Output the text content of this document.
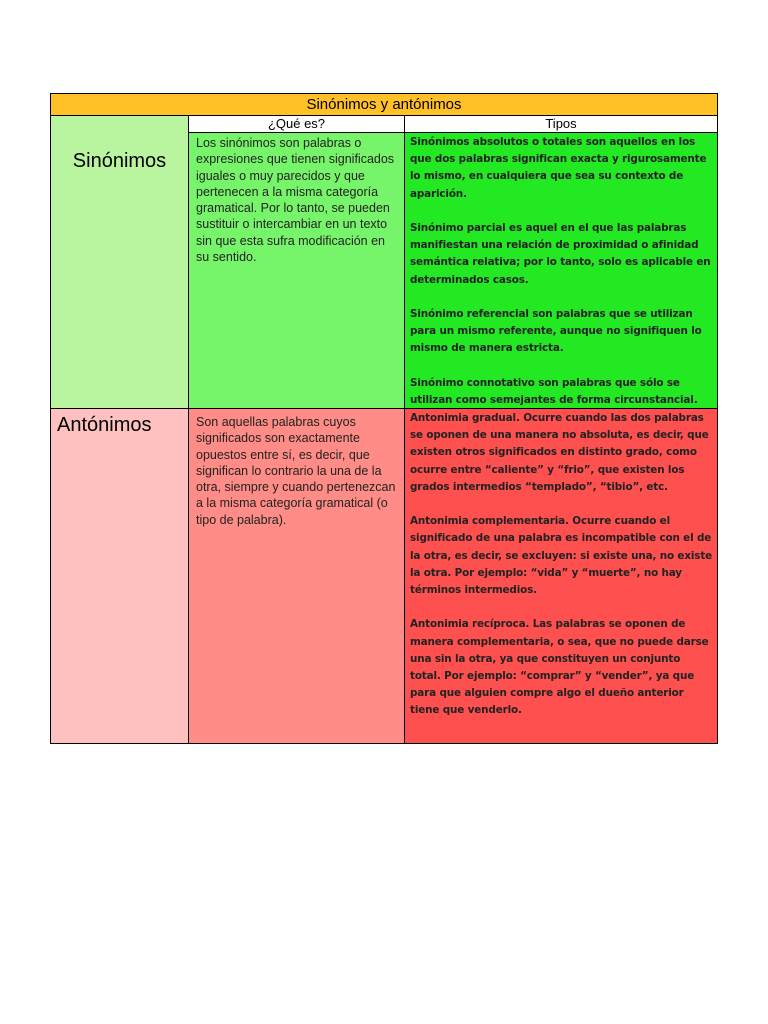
Sinónimos y antónimos
¿Qué es?	Tipos
Sinónimos
Los sinónimos son palabras o expresiones que tienen significados iguales o muy parecidos y que pertenecen a la misma categoría gramatical. Por lo tanto, se pueden sustituir o intercambiar en un texto sin que esta sufra modificación en su sentido.

Sinónimos absolutos o totales son aquellos en los que dos palabras significan exacta y rigurosamente lo mismo, en cualquiera que sea su contexto de aparición.

Sinónimo parcial es aquel en el que las palabras manifiestan una relación de proximidad o afinidad semántica relativa; por lo tanto, solo es aplicable en determinados casos.

Sinónimo referencial son palabras que se utilizan para un mismo referente, aunque no signifiquen lo mismo de manera estricta.

Sinónimo connotativo son palabras que sólo se utilizan como semejantes de forma circunstancial.

Antónimos	Son aquellas palabras cuyos significados son exactamente opuestos entre sí, es decir, que significan lo contrario la una de la otra, siempre y cuando pertenezcan a la misma categoría gramatical (o tipo de palabra).

Antonimia gradual. Ocurre cuando las dos palabras se oponen de una manera no absoluta, es decir, que existen otros significados en distinto grado, como ocurre entre “caliente” y “frio”, que existen los grados intermedios “templado”, “tibio”, etc.

Antonimia complementaria. Ocurre cuando el significado de una palabra es incompatible con el de la otra, es decir, se excluyen: si existe una, no existe la otra. Por ejemplo: “vida” y “muerte”, no hay términos intermedios.

Antonimia recíproca. Las palabras se oponen de manera complementaria, o sea, que no puede darse una sin la otra, ya que constituyen un conjunto total. Por ejemplo: “comprar” y “vender”, ya que para que alguien compre algo el dueño anterior tiene que venderlo.
